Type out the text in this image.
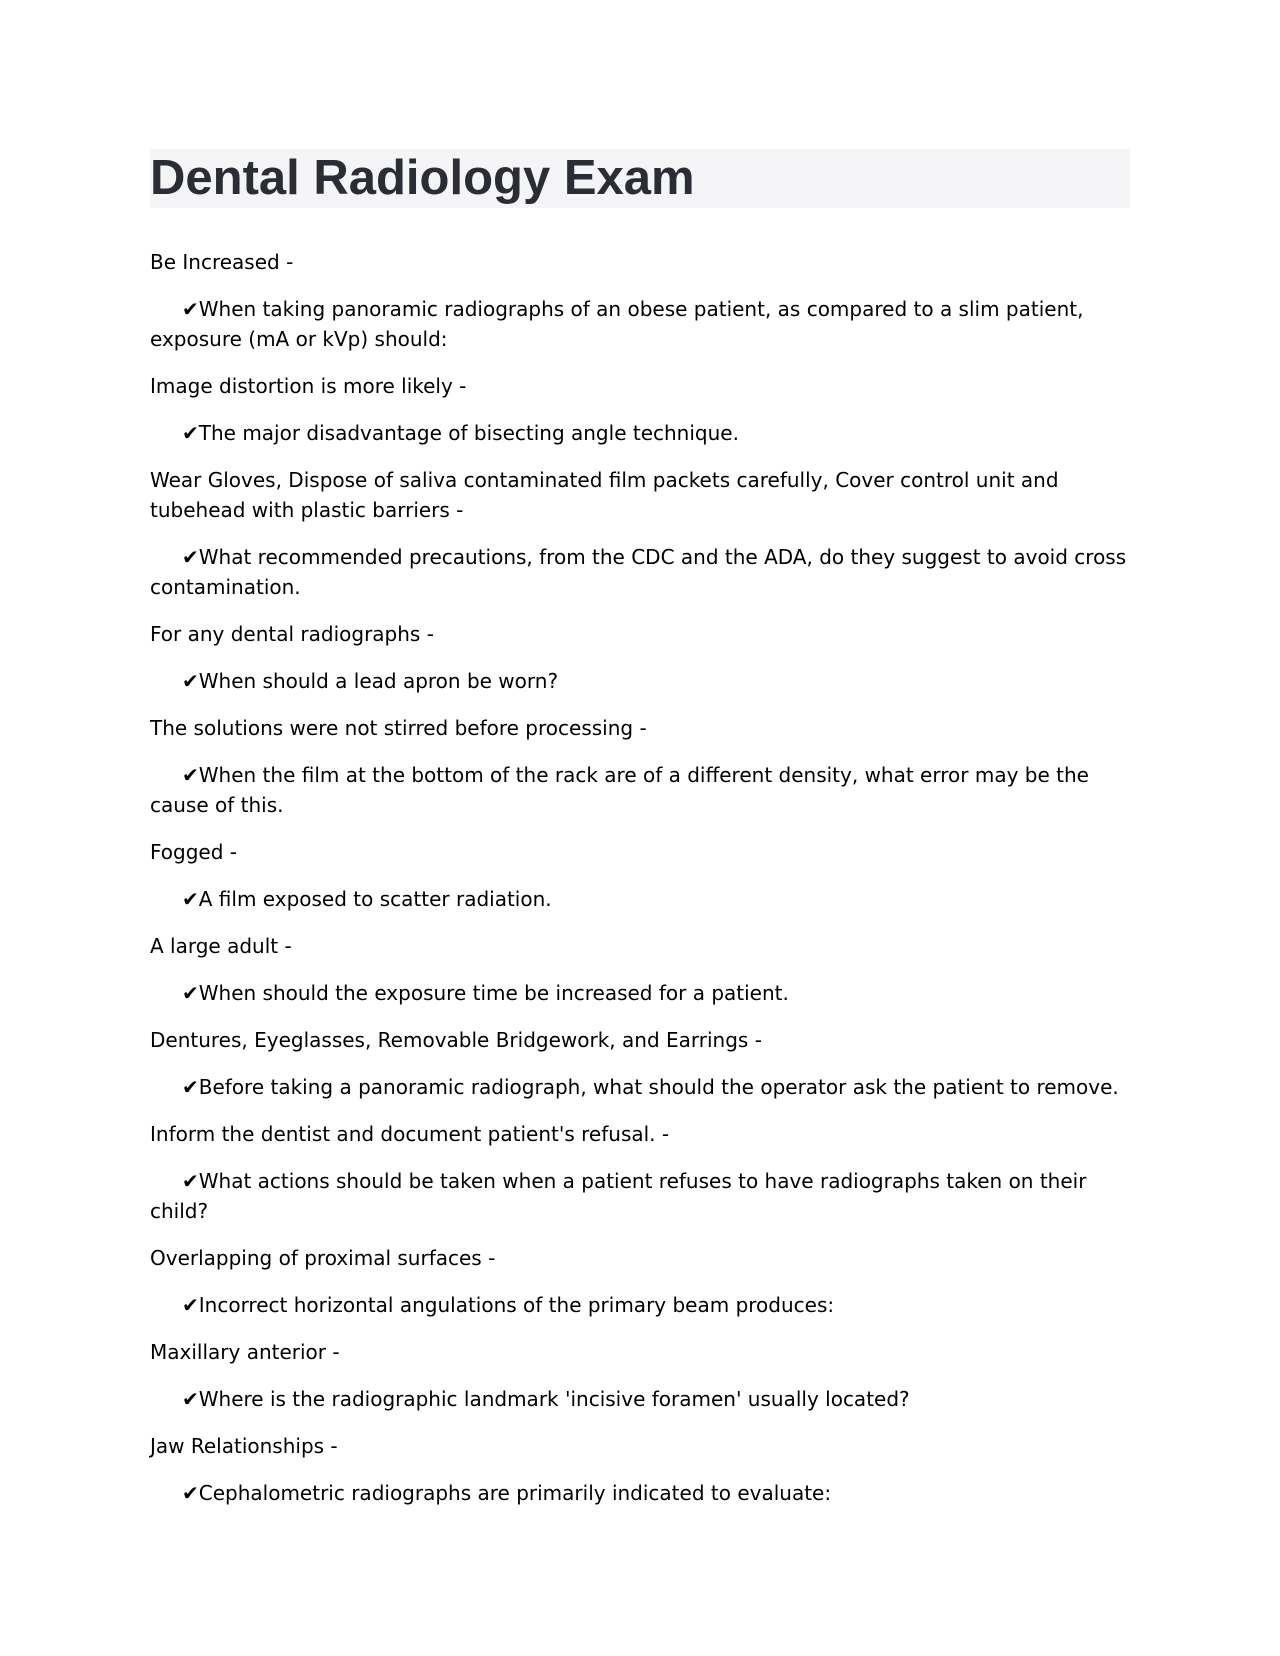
Dental Radiology Exam

Be Increased -

✔When taking panoramic radiographs of an obese patient, as compared to a slim patient, exposure (mA or kVp) should:

Image distortion is more likely -

✔The major disadvantage of bisecting angle technique.

Wear Gloves, Dispose of saliva contaminated film packets carefully, Cover control unit and tubehead with plastic barriers -

✔What recommended precautions, from the CDC and the ADA, do they suggest to avoid cross contamination.

For any dental radiographs -

✔When should a lead apron be worn?

The solutions were not stirred before processing -

✔When the film at the bottom of the rack are of a different density, what error may be the cause of this.

Fogged -

✔A film exposed to scatter radiation.

A large adult -

✔When should the exposure time be increased for a patient.

Dentures, Eyeglasses, Removable Bridgework, and Earrings -

✔Before taking a panoramic radiograph, what should the operator ask the patient to remove.

Inform the dentist and document patient's refusal. -

✔What actions should be taken when a patient refuses to have radiographs taken on their child?

Overlapping of proximal surfaces -

✔Incorrect horizontal angulations of the primary beam produces:

Maxillary anterior -

✔Where is the radiographic landmark 'incisive foramen' usually located?

Jaw Relationships -

✔Cephalometric radiographs are primarily indicated to evaluate:
